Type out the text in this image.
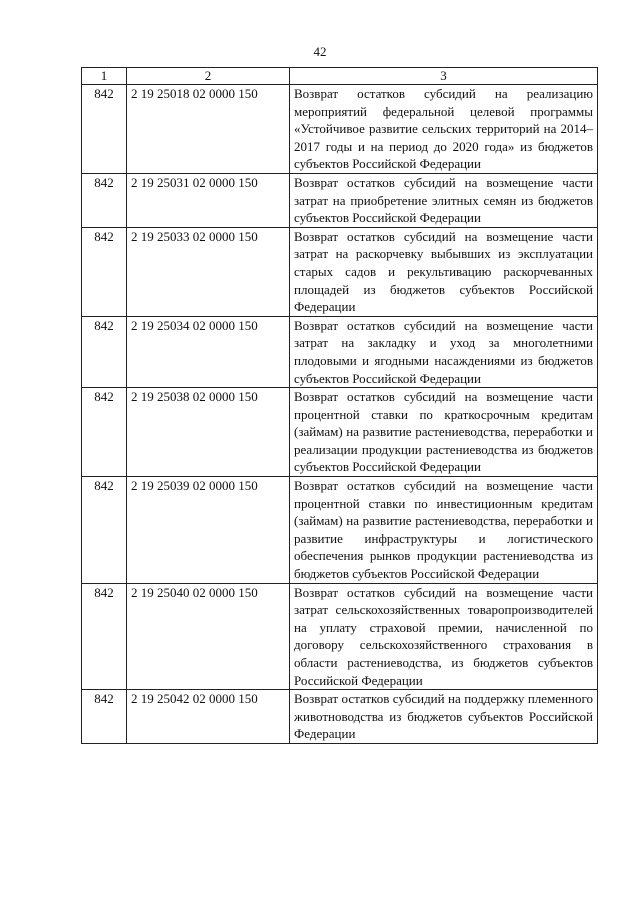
42
1	2	3
842	2 19 25018 02 0000 150	Возврат остатков субсидий на реализацию мероприятий федеральной целевой программы «Устойчивое развитие сельских территорий на 2014–2017 годы и на период до 2020 года» из бюджетов субъектов Российской Федерации
842	2 19 25031 02 0000 150	Возврат остатков субсидий на возмещение части затрат на приобретение элитных семян из бюджетов субъектов Российской Федерации
842	2 19 25033 02 0000 150	Возврат остатков субсидий на возмещение части затрат на раскорчевку выбывших из эксплуатации старых садов и рекультивацию раскорчеванных площадей из бюджетов субъектов Российской Федерации
842	2 19 25034 02 0000 150	Возврат остатков субсидий на возмещение части затрат на закладку и уход за многолетними плодовыми и ягодными насаждениями из бюджетов субъектов Российской Федерации
842	2 19 25038 02 0000 150	Возврат остатков субсидий на возмещение части процентной ставки по краткосрочным кредитам (займам) на развитие растениеводства, переработки и реализации продукции растениеводства из бюджетов субъектов Российской Федерации
842	2 19 25039 02 0000 150	Возврат остатков субсидий на возмещение части процентной ставки по инвестиционным кредитам (займам) на развитие растениеводства, переработки и развитие инфраструктуры и логистического обеспечения рынков продукции растениеводства из бюджетов субъектов Российской Федерации
842	2 19 25040 02 0000 150	Возврат остатков субсидий на возмещение части затрат сельскохозяйственных товаропроизводителей на уплату страховой премии, начисленной по договору сельскохозяйственного страхования в области растениеводства, из бюджетов субъектов Российской Федерации
842	2 19 25042 02 0000 150	Возврат остатков субсидий на поддержку племенного животноводства из бюджетов субъектов Российской Федерации
